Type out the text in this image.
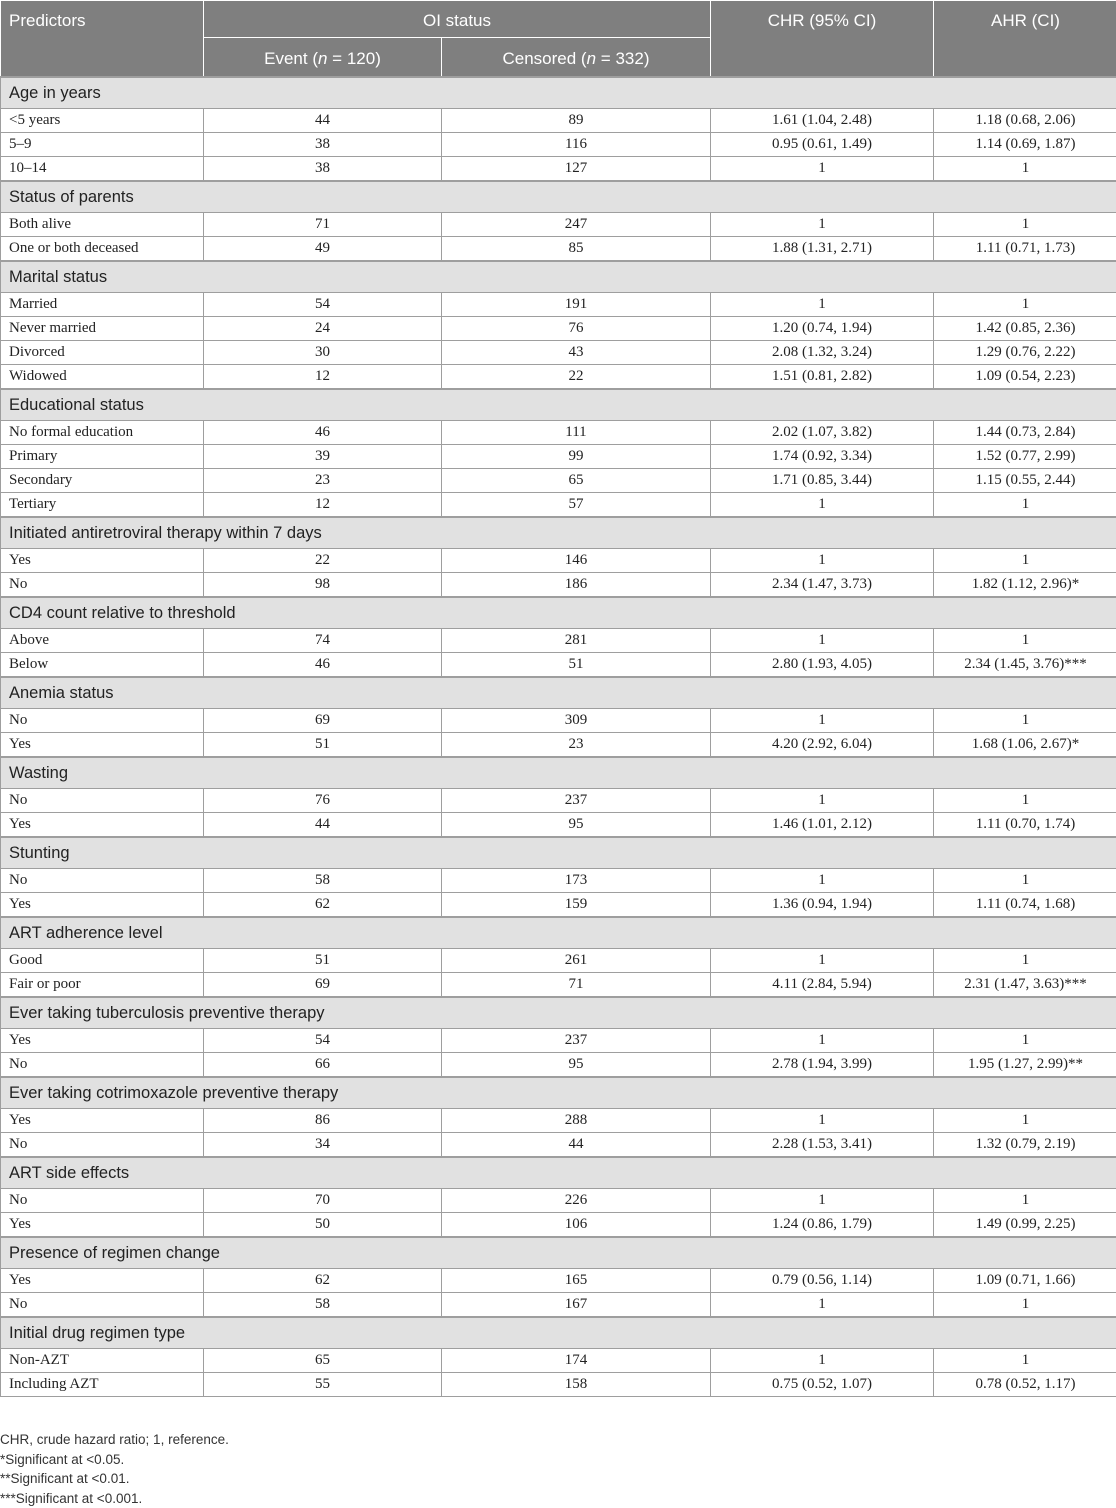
Predictors	OI status		CHR (95% CI)	AHR (CI)
	Event (n = 120)	Censored (n = 332)		
Age in years				
<5 years	44	89	1.61 (1.04, 2.48)	1.18 (0.68, 2.06)
5–9	38	116	0.95 (0.61, 1.49)	1.14 (0.69, 1.87)
10–14	38	127	1	1
Status of parents				
Both alive	71	247	1	1
One or both deceased	49	85	1.88 (1.31, 2.71)	1.11 (0.71, 1.73)
Marital status				
Married	54	191	1	1
Never married	24	76	1.20 (0.74, 1.94)	1.42 (0.85, 2.36)
Divorced	30	43	2.08 (1.32, 3.24)	1.29 (0.76, 2.22)
Widowed	12	22	1.51 (0.81, 2.82)	1.09 (0.54, 2.23)
Educational status				
No formal education	46	111	2.02 (1.07, 3.82)	1.44 (0.73, 2.84)
Primary	39	99	1.74 (0.92, 3.34)	1.52 (0.77, 2.99)
Secondary	23	65	1.71 (0.85, 3.44)	1.15 (0.55, 2.44)
Tertiary	12	57	1	1
Initiated antiretroviral therapy within 7 days				
Yes	22	146	1	1
No	98	186	2.34 (1.47, 3.73)	1.82 (1.12, 2.96)*
CD4 count relative to threshold				
Above	74	281	1	1
Below	46	51	2.80 (1.93, 4.05)	2.34 (1.45, 3.76)***
Anemia status				
No	69	309	1	1
Yes	51	23	4.20 (2.92, 6.04)	1.68 (1.06, 2.67)*
Wasting				
No	76	237	1	1
Yes	44	95	1.46 (1.01, 2.12)	1.11 (0.70, 1.74)
Stunting				
No	58	173	1	1
Yes	62	159	1.36 (0.94, 1.94)	1.11 (0.74, 1.68)
ART adherence level				
Good	51	261	1	1
Fair or poor	69	71	4.11 (2.84, 5.94)	2.31 (1.47, 3.63)***
Ever taking tuberculosis preventive therapy				
Yes	54	237	1	1
No	66	95	2.78 (1.94, 3.99)	1.95 (1.27, 2.99)**
Ever taking cotrimoxazole preventive therapy				
Yes	86	288	1	1
No	34	44	2.28 (1.53, 3.41)	1.32 (0.79, 2.19)
ART side effects				
No	70	226	1	1
Yes	50	106	1.24 (0.86, 1.79)	1.49 (0.99, 2.25)
Presence of regimen change				
Yes	62	165	0.79 (0.56, 1.14)	1.09 (0.71, 1.66)
No	58	167	1	1
Initial drug regimen type				
Non-AZT	65	174	1	1
Including AZT	55	158	0.75 (0.52, 1.07)	0.78 (0.52, 1.17)
CHR, crude hazard ratio; 1, reference.
*Significant at <0.05.
**Significant at <0.01.
***Significant at <0.001.
